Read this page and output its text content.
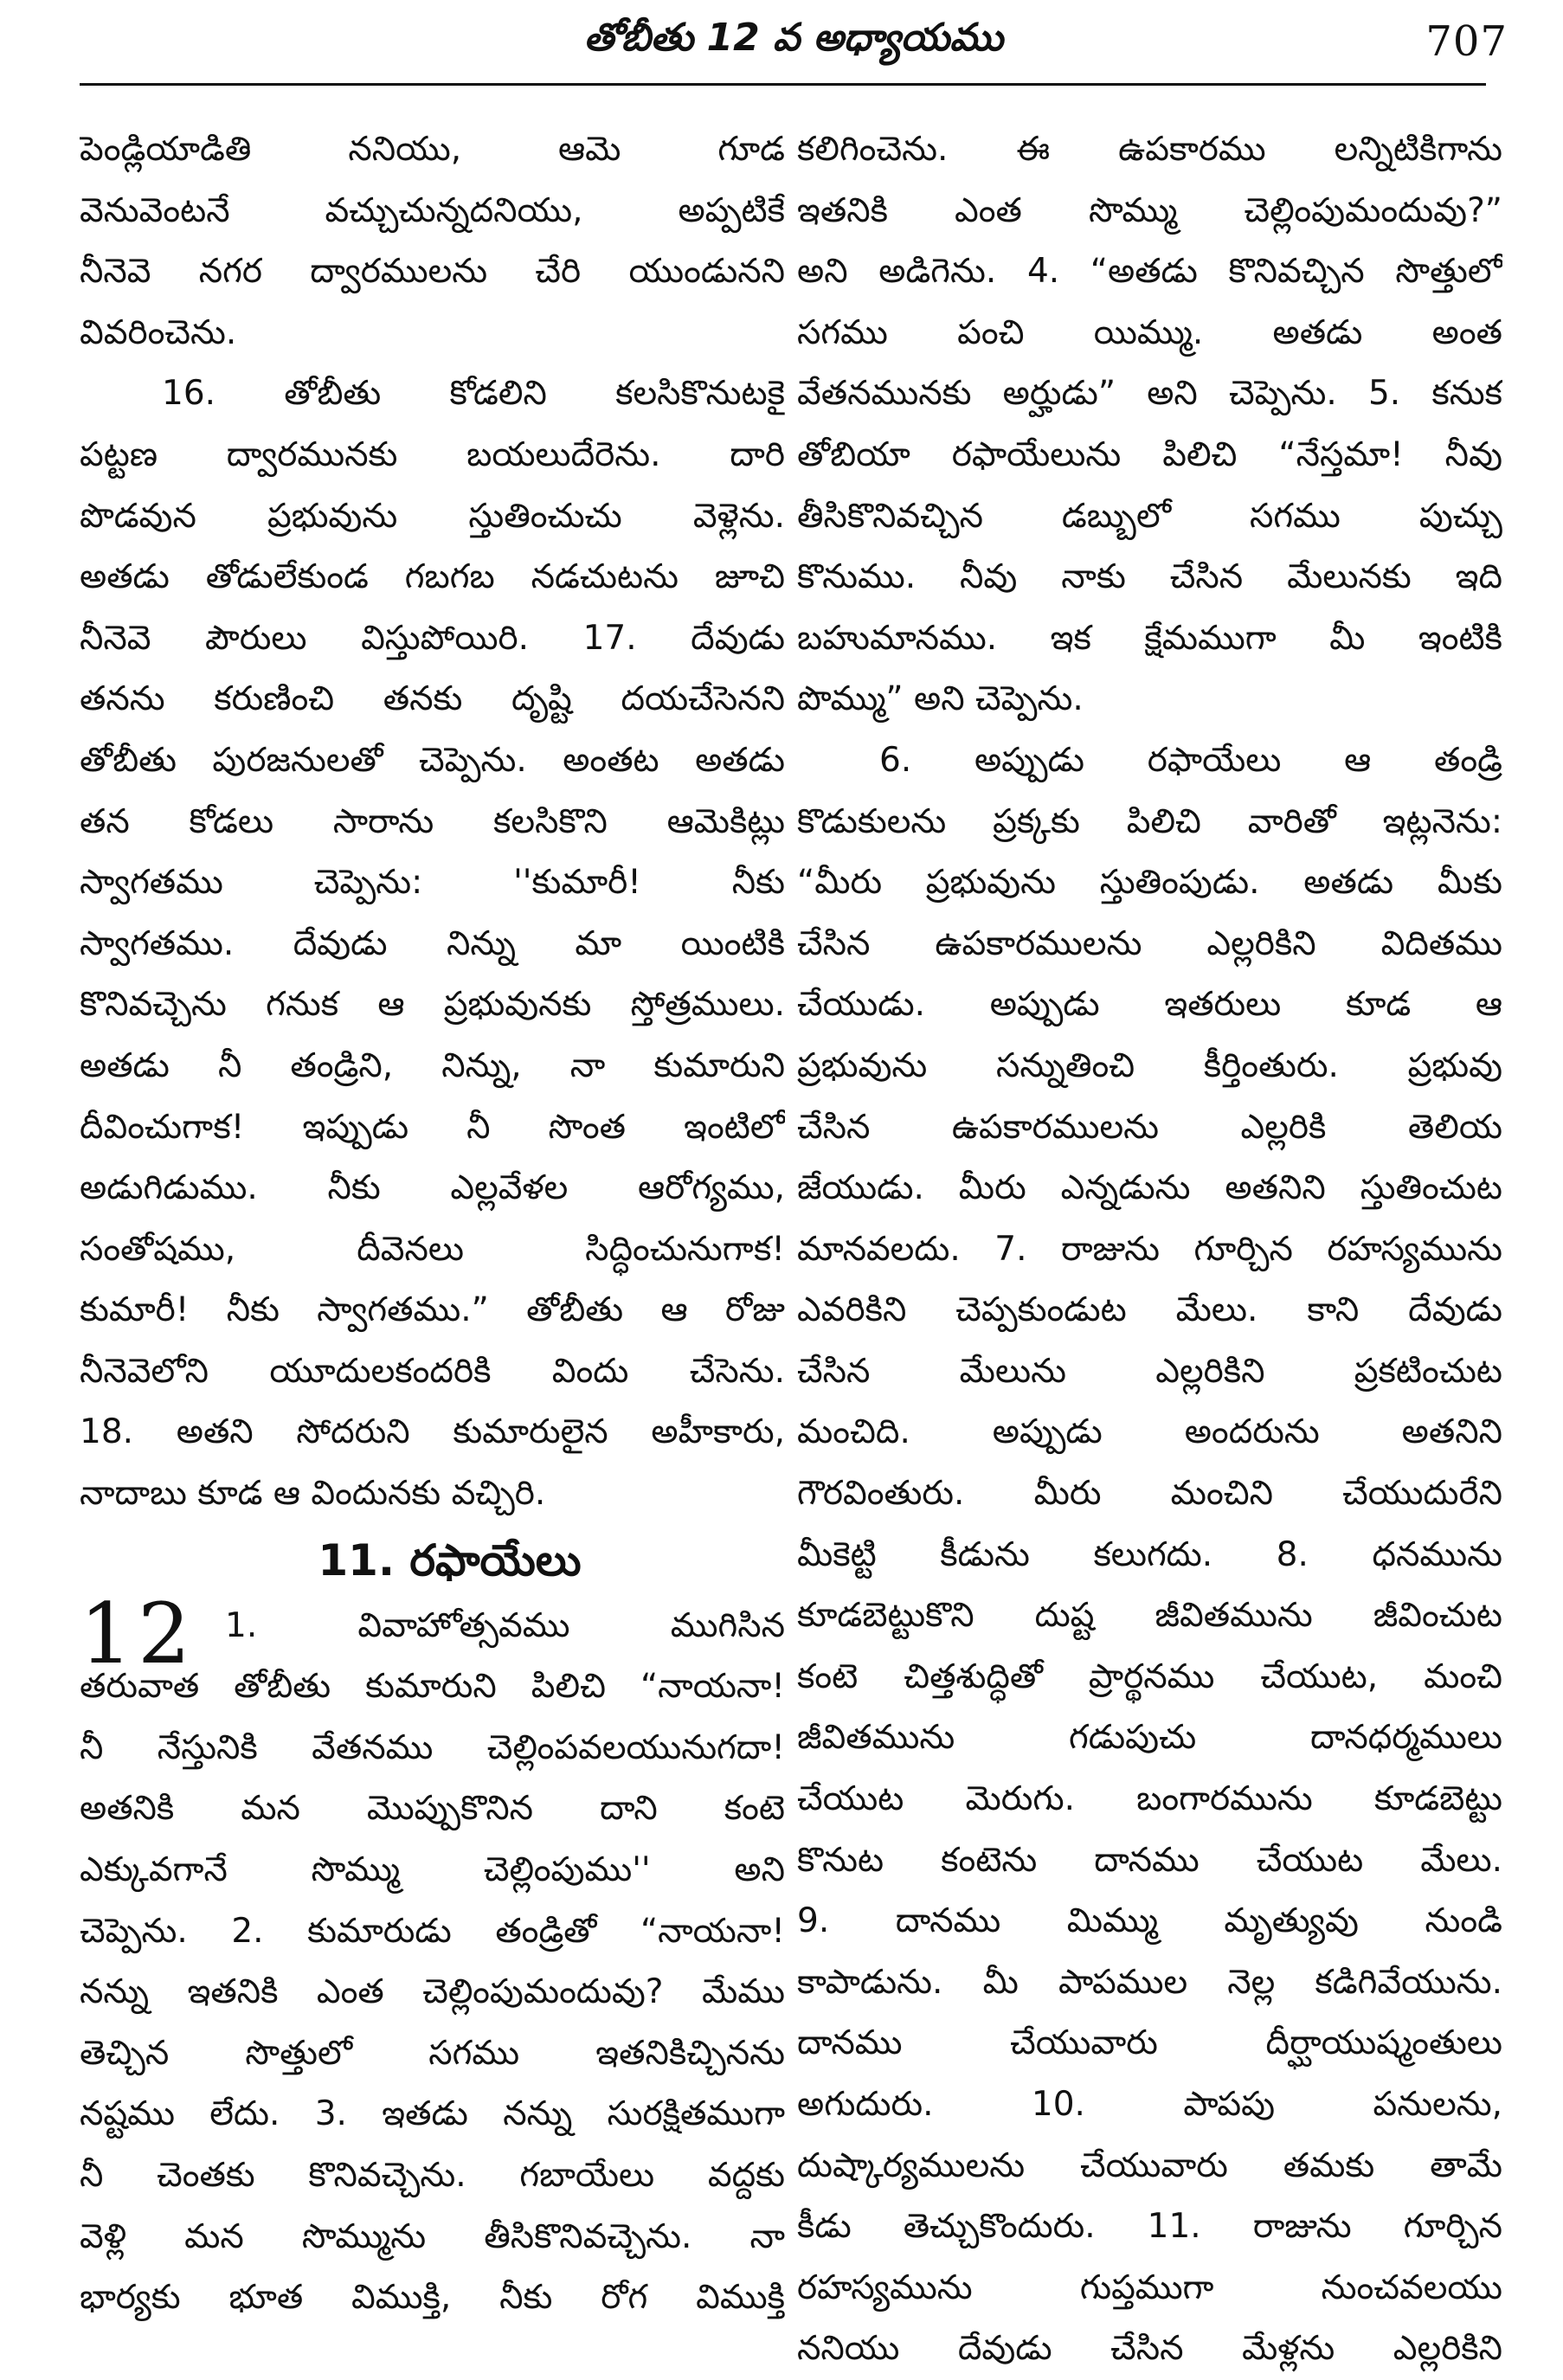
తోబీతు 12 వ అధ్యాయము	707
పెండ్లియాడితి ననియు, ఆమె గూడ
వెనువెంటనే వచ్చుచున్నదనియు, అప్పటికే
నీనెవె నగర ద్వారములను చేరి యుండునని
వివరించెను.
16. తోబీతు కోడలిని కలసికొనుటకై
పట్టణ ద్వారమునకు బయలుదేరెను. దారి
పొడవున ప్రభువును స్తుతించుచు వెళ్లెను.
అతడు తోడులేకుండ గబగబ నడచుటను జూచి
నీనెవె పౌరులు విస్తుపోయిరి. 17. దేవుడు
తనను కరుణించి తనకు దృష్టి దయచేసెనని
తోబీతు పురజనులతో చెప్పెను. అంతట అతడు
తన కోడలు సారాను కలసికొని ఆమెకిట్లు
స్వాగతము చెప్పెను: ''కుమారీ! నీకు
స్వాగతము. దేవుడు నిన్ను మా యింటికి
కొనివచ్చెను గనుక ఆ ప్రభువునకు స్తోత్రములు.
అతడు నీ తండ్రిని, నిన్ను, నా కుమారుని
దీవించుగాక! ఇప్పుడు నీ సొంత ఇంటిలో
అడుగిడుము. నీకు ఎల్లవేళల ఆరోగ్యము,
సంతోషము, దీవెనలు సిద్ధించునుగాక!
కుమారీ! నీకు స్వాగతము.” తోబీతు ఆ రోజు
నీనెవెలోని యూదులకందరికి విందు చేసెను.
18. అతని సోదరుని కుమారులైన అహీకారు,
నాదాబు కూడ ఆ విందునకు వచ్చిరి.
11. రఫాయేలు
12 1. వివాహోత్సవము ముగిసిన
తరువాత తోబీతు కుమారుని పిలిచి “నాయనా!
నీ నేస్తునికి వేతనము చెల్లింపవలయునుగదా!
అతనికి మన మొప్పుకొనిన దాని కంటె
ఎక్కువగానే సొమ్ము చెల్లింపుము'' అని
చెప్పెను. 2. కుమారుడు తండ్రితో “నాయనా!
నన్ను ఇతనికి ఎంత చెల్లింపుమందువు? మేము
తెచ్చిన సొత్తులో సగము ఇతనికిచ్చినను
నష్టము లేదు. 3. ఇతడు నన్ను సురక్షితముగా
నీ చెంతకు కొనివచ్చెను. గబాయేలు వద్దకు
వెళ్లి మన సొమ్మును తీసికొనివచ్చెను. నా
భార్యకు భూత విముక్తి, నీకు రోగ విముక్తి
కలిగించెను. ఈ ఉపకారము లన్నిటికిగాను
ఇతనికి ఎంత సొమ్ము చెల్లింపుమందువు?”
అని అడిగెను. 4. “అతడు కొనివచ్చిన సొత్తులో
సగము పంచి యిమ్ము. అతడు అంత
వేతనమునకు అర్హుడు” అని చెప్పెను. 5. కనుక
తోబియా రఫాయేలును పిలిచి “నేస్తమా! నీవు
తీసికొనివచ్చిన డబ్బులో సగము పుచ్చు
కొనుము. నీవు నాకు చేసిన మేలునకు ఇది
బహుమానము. ఇక క్షేమముగా మీ ఇంటికి
పొమ్ము” అని చెప్పెను.
6. అప్పుడు రఫాయేలు ఆ తండ్రి
కొడుకులను ప్రక్కకు పిలిచి వారితో ఇట్లనెను:
“మీరు ప్రభువును స్తుతింపుడు. అతడు మీకు
చేసిన ఉపకారములను ఎల్లరికిని విదితము
చేయుడు. అప్పుడు ఇతరులు కూడ ఆ
ప్రభువును సన్నుతించి కీర్తింతురు. ప్రభువు
చేసిన ఉపకారములను ఎల్లరికి తెలియ
జేయుడు. మీరు ఎన్నడును అతనిని స్తుతించుట
మానవలదు. 7. రాజును గూర్చిన రహస్యమును
ఎవరికిని చెప్పకుండుట మేలు. కాని దేవుడు
చేసిన మేలును ఎల్లరికిని ప్రకటించుట
మంచిది. అప్పుడు అందరును అతనిని
గౌరవింతురు. మీరు మంచిని చేయుదురేని
మీకెట్టి కీడును కలుగదు. 8. ధనమును
కూడబెట్టుకొని దుష్ట జీవితమును జీవించుట
కంటె చిత్తశుద్ధితో ప్రార్థనము చేయుట, మంచి
జీవితమును గడుపుచు దానధర్మములు
చేయుట మెరుగు. బంగారమును కూడబెట్టు
కొనుట కంటెను దానము చేయుట మేలు.
9. దానము మిమ్ము మృత్యువు నుండి
కాపాడును. మీ పాపముల నెల్ల కడిగివేయును.
దానము చేయువారు దీర్ఘాయుష్మంతులు
అగుదురు. 10. పాపపు పనులను,
దుష్కార్యములను చేయువారు తమకు తామే
కీడు తెచ్చుకొందురు. 11. రాజును గూర్చిన
రహస్యమును గుప్తముగా నుంచవలయు
ననియు దేవుడు చేసిన మేళ్లను ఎల్లరికిని
